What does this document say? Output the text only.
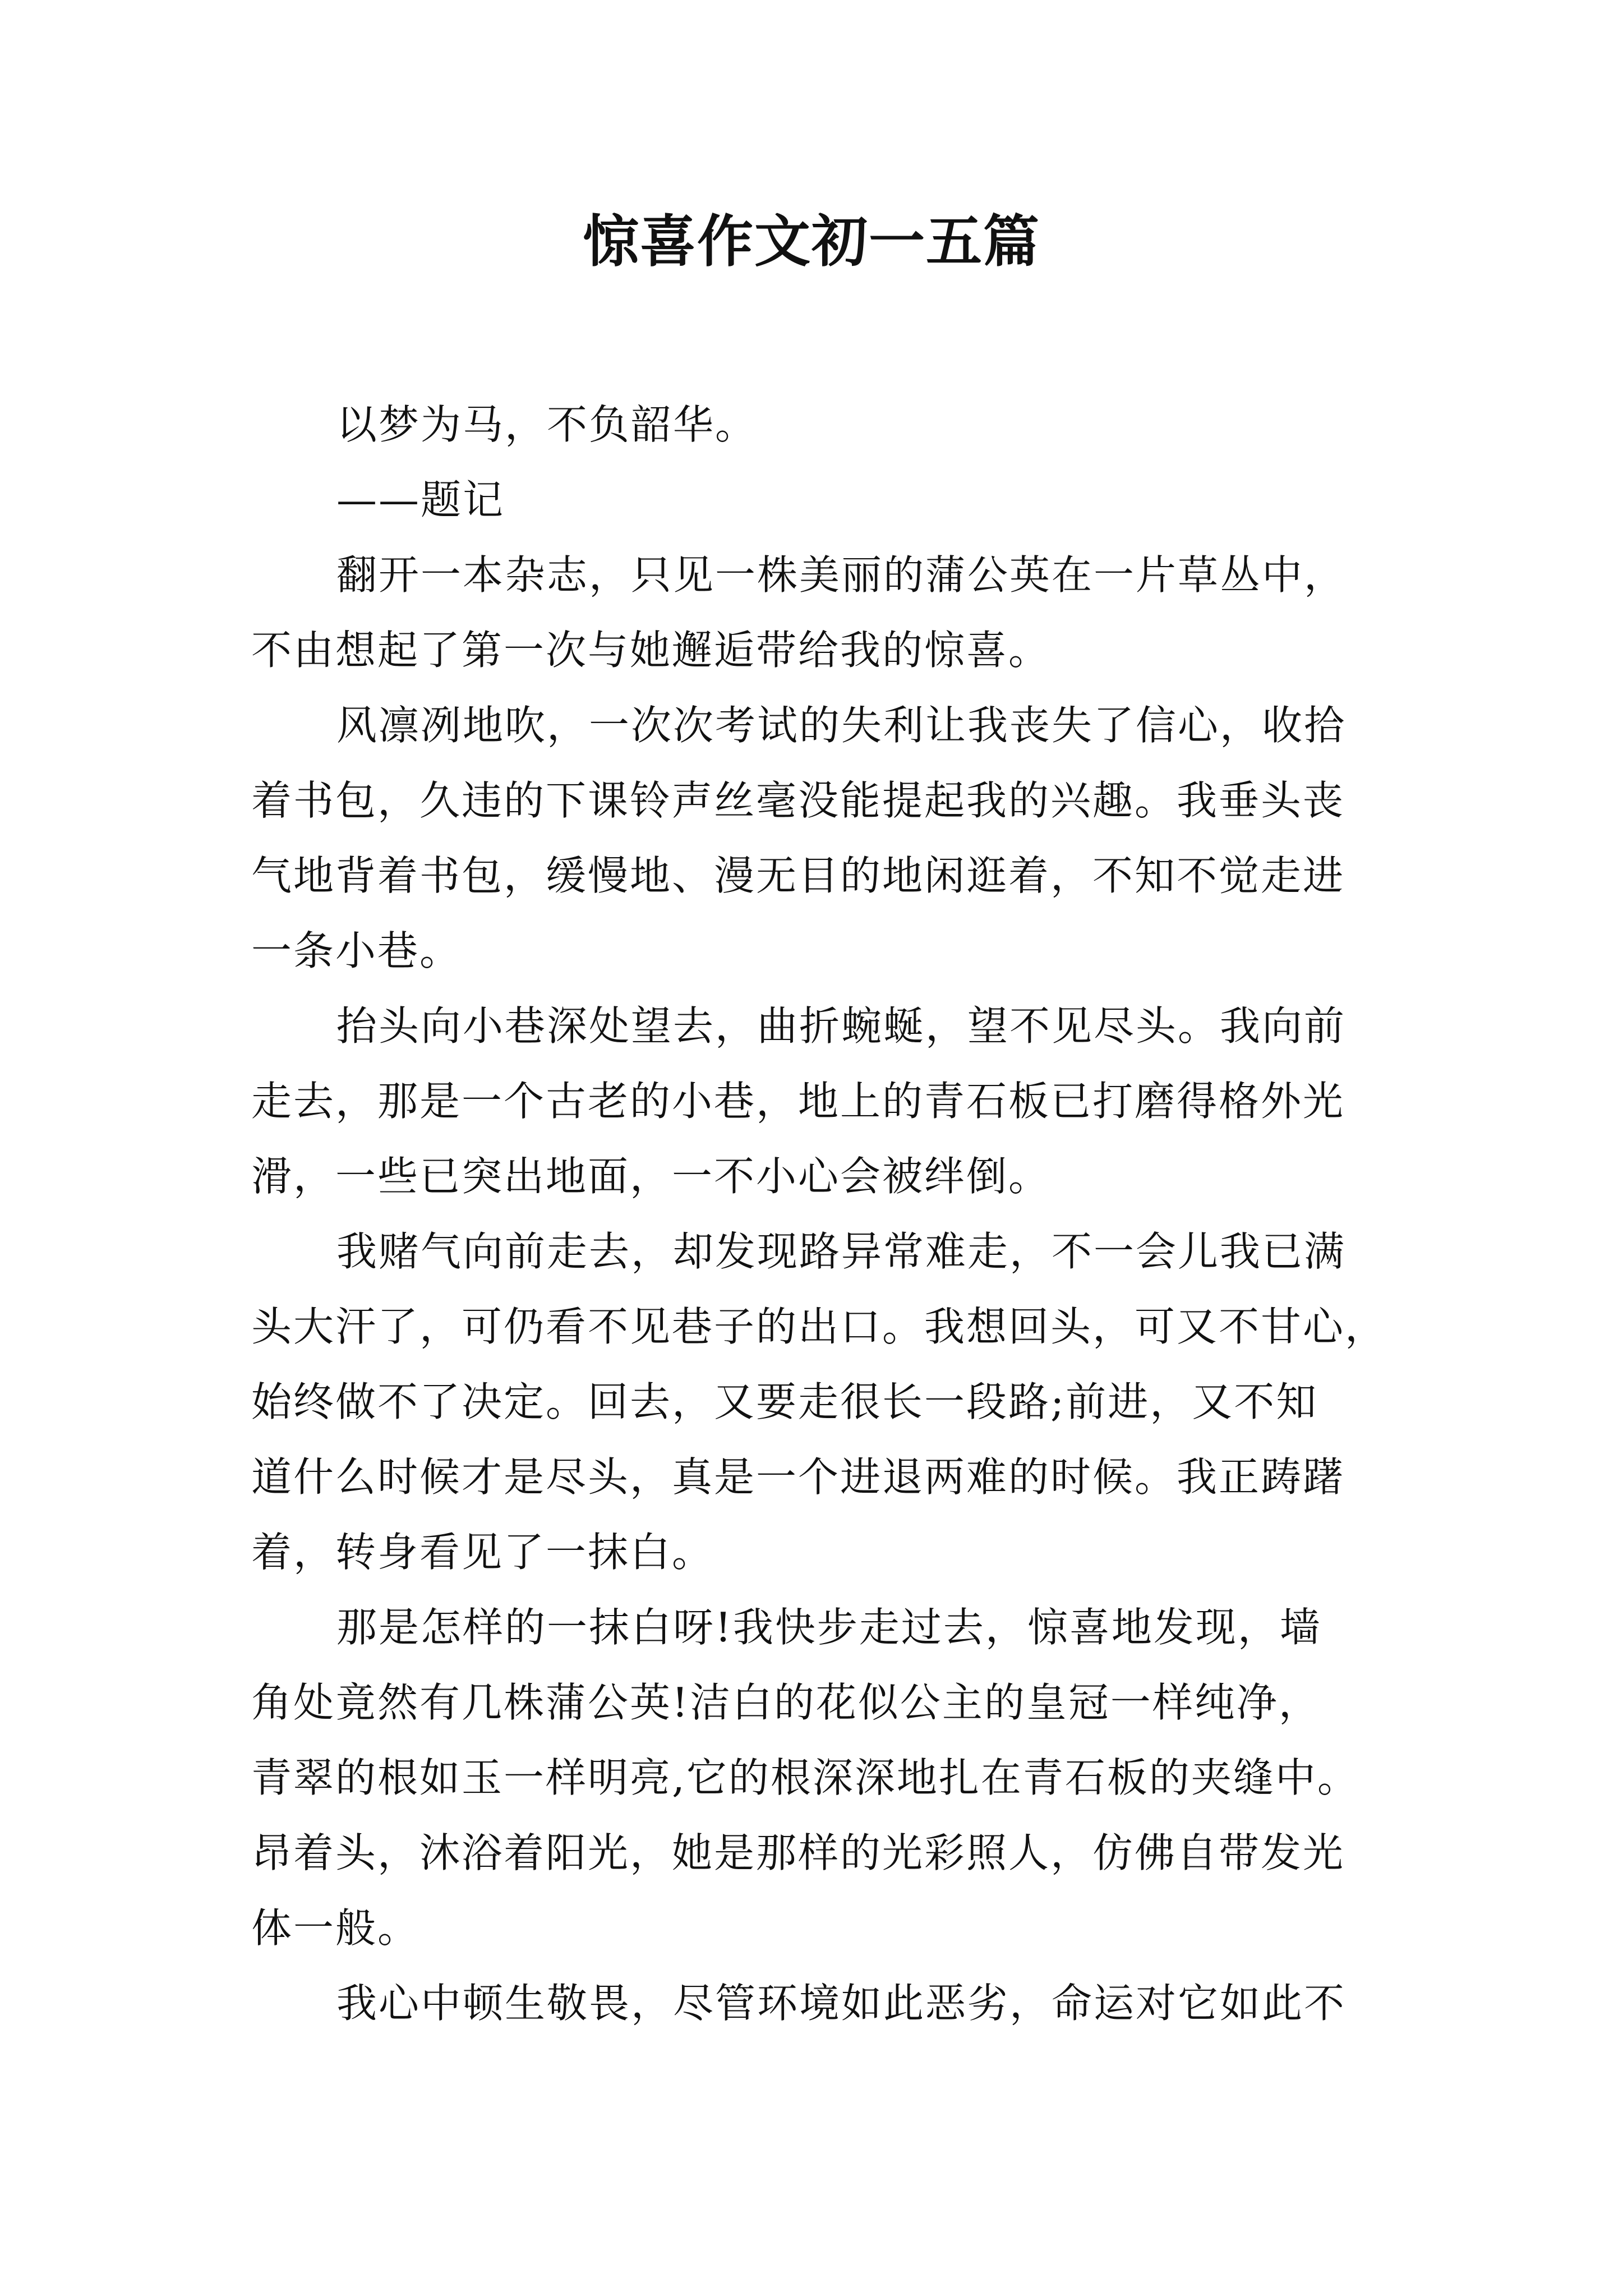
惊喜作文初一五篇
以梦为马，不负韶华。
——题记
翻开一本杂志，只见一株美丽的蒲公英在一片草丛中，
不由想起了第一次与她邂逅带给我的惊喜。
风凛冽地吹，一次次考试的失利让我丧失了信心，收拾
着书包，久违的下课铃声丝毫没能提起我的兴趣。我垂头丧
气地背着书包，缓慢地、漫无目的地闲逛着，不知不觉走进
一条小巷。
抬头向小巷深处望去，曲折蜿蜒，望不见尽头。我向前
走去，那是一个古老的小巷，地上的青石板已打磨得格外光
滑，一些已突出地面，一不小心会被绊倒。
我赌气向前走去，却发现路异常难走，不一会儿我已满
头大汗了，可仍看不见巷子的出口。我想回头，可又不甘心，
始终做不了决定。回去，又要走很长一段路;前进，又不知
道什么时候才是尽头，真是一个进退两难的时候。我正踌躇
着，转身看见了一抹白。
那是怎样的一抹白呀!我快步走过去，惊喜地发现，墙
角处竟然有几株蒲公英!洁白的花似公主的皇冠一样纯净，
青翠的根如玉一样明亮,它的根深深地扎在青石板的夹缝中。
昂着头，沐浴着阳光，她是那样的光彩照人，仿佛自带发光
体一般。
我心中顿生敬畏，尽管环境如此恶劣，命运对它如此不
